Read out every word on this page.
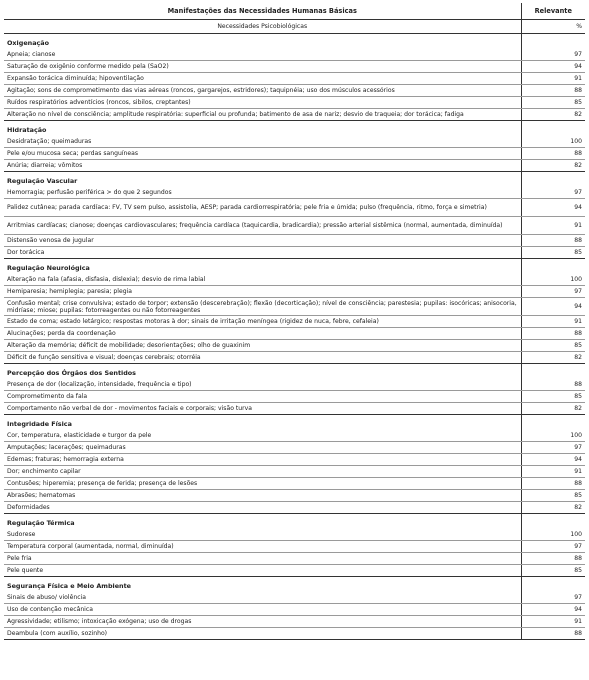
Manifestações das Necessidades Humanas Básicas	Relevante
Necessidades Psicobiológicas	%
Oxigenação	
Apneia; cianose	97
Saturação de oxigênio conforme medido pela (SaO2)	94
Expansão torácica diminuída; hipoventilação	91
Agitação; sons de comprometimento das vias aéreas (roncos, gargarejos, estridores); taquipnéia; uso dos músculos acessórios	88
Ruídos respiratórios adventícios (roncos, sibilos, creptantes)	85
Alteração no nível de consciência; amplitude respiratória: superficial ou profunda; batimento de asa de nariz; desvio de traqueia; dor torácica; fadiga	82
Hidratação	
Desidratação; queimaduras	100
Pele e/ou mucosa seca; perdas sanguíneas	88
Anúria; diarreia; vômitos	82
Regulação Vascular	
Hemorragia; perfusão periférica > do que 2 segundos	97
Palidez cutânea; parada cardíaca: FV, TV sem pulso, assistolia, AESP; parada cardiorrespiratória; pele fria e úmida; pulso (frequência, ritmo, força e simetria)	94
Arritmias cardíacas; cianose; doenças cardiovasculares; frequência cardíaca (taquicardia, bradicardia); pressão arterial sistêmica (normal, aumentada, diminuída)	91
Distensão venosa de jugular	88
Dor torácica	85
Regulação Neurológica	
Alteração na fala (afasia, disfasia, dislexia); desvio de rima labial	100
Hemiparesia; hemiplegia; paresia; plegia	97
Confusão mental; crise convulsiva; estado de torpor; extensão (descerebração); flexão (decorticação); nível de consciência; parestesia; pupilas: isocóricas; anisocoria, midríase; miose; pupilas: fotorreagentes ou não fotorreagentes	94
Estado de coma; estado letárgico; respostas motoras à dor; sinais de irritação meníngea (rigidez de nuca, febre, cefaleia)	91
Alucinações; perda da coordenação	88
Alteração da memória; déficit de mobilidade; desorientações; olho de guaxinim	85
Déficit de função sensitiva e visual; doenças cerebrais; otorréia	82
Percepção dos Órgãos dos Sentidos	
Presença de dor (localização, intensidade, frequência e tipo)	88
Comprometimento da fala	85
Comportamento não verbal de dor - movimentos faciais e corporais; visão turva	82
Integridade Física	
Cor, temperatura, elasticidade e turgor da pele	100
Amputações; lacerações; queimaduras	97
Edemas; fraturas; hemorragia externa	94
Dor; enchimento capilar	91
Contusões; hiperemia; presença de ferida; presença de lesões	88
Abrasões; hematomas	85
Deformidades	82
Regulação Térmica	
Sudorese	100
Temperatura corporal (aumentada, normal, diminuída)	97
Pele fria	88
Pele quente	85
Segurança Física e Meio Ambiente	
Sinais de abuso/ violência	97
Uso de contenção mecânica	94
Agressividade; etilismo; intoxicação exógena; uso de drogas	91
Deambula (com auxílio, sozinho)	88
